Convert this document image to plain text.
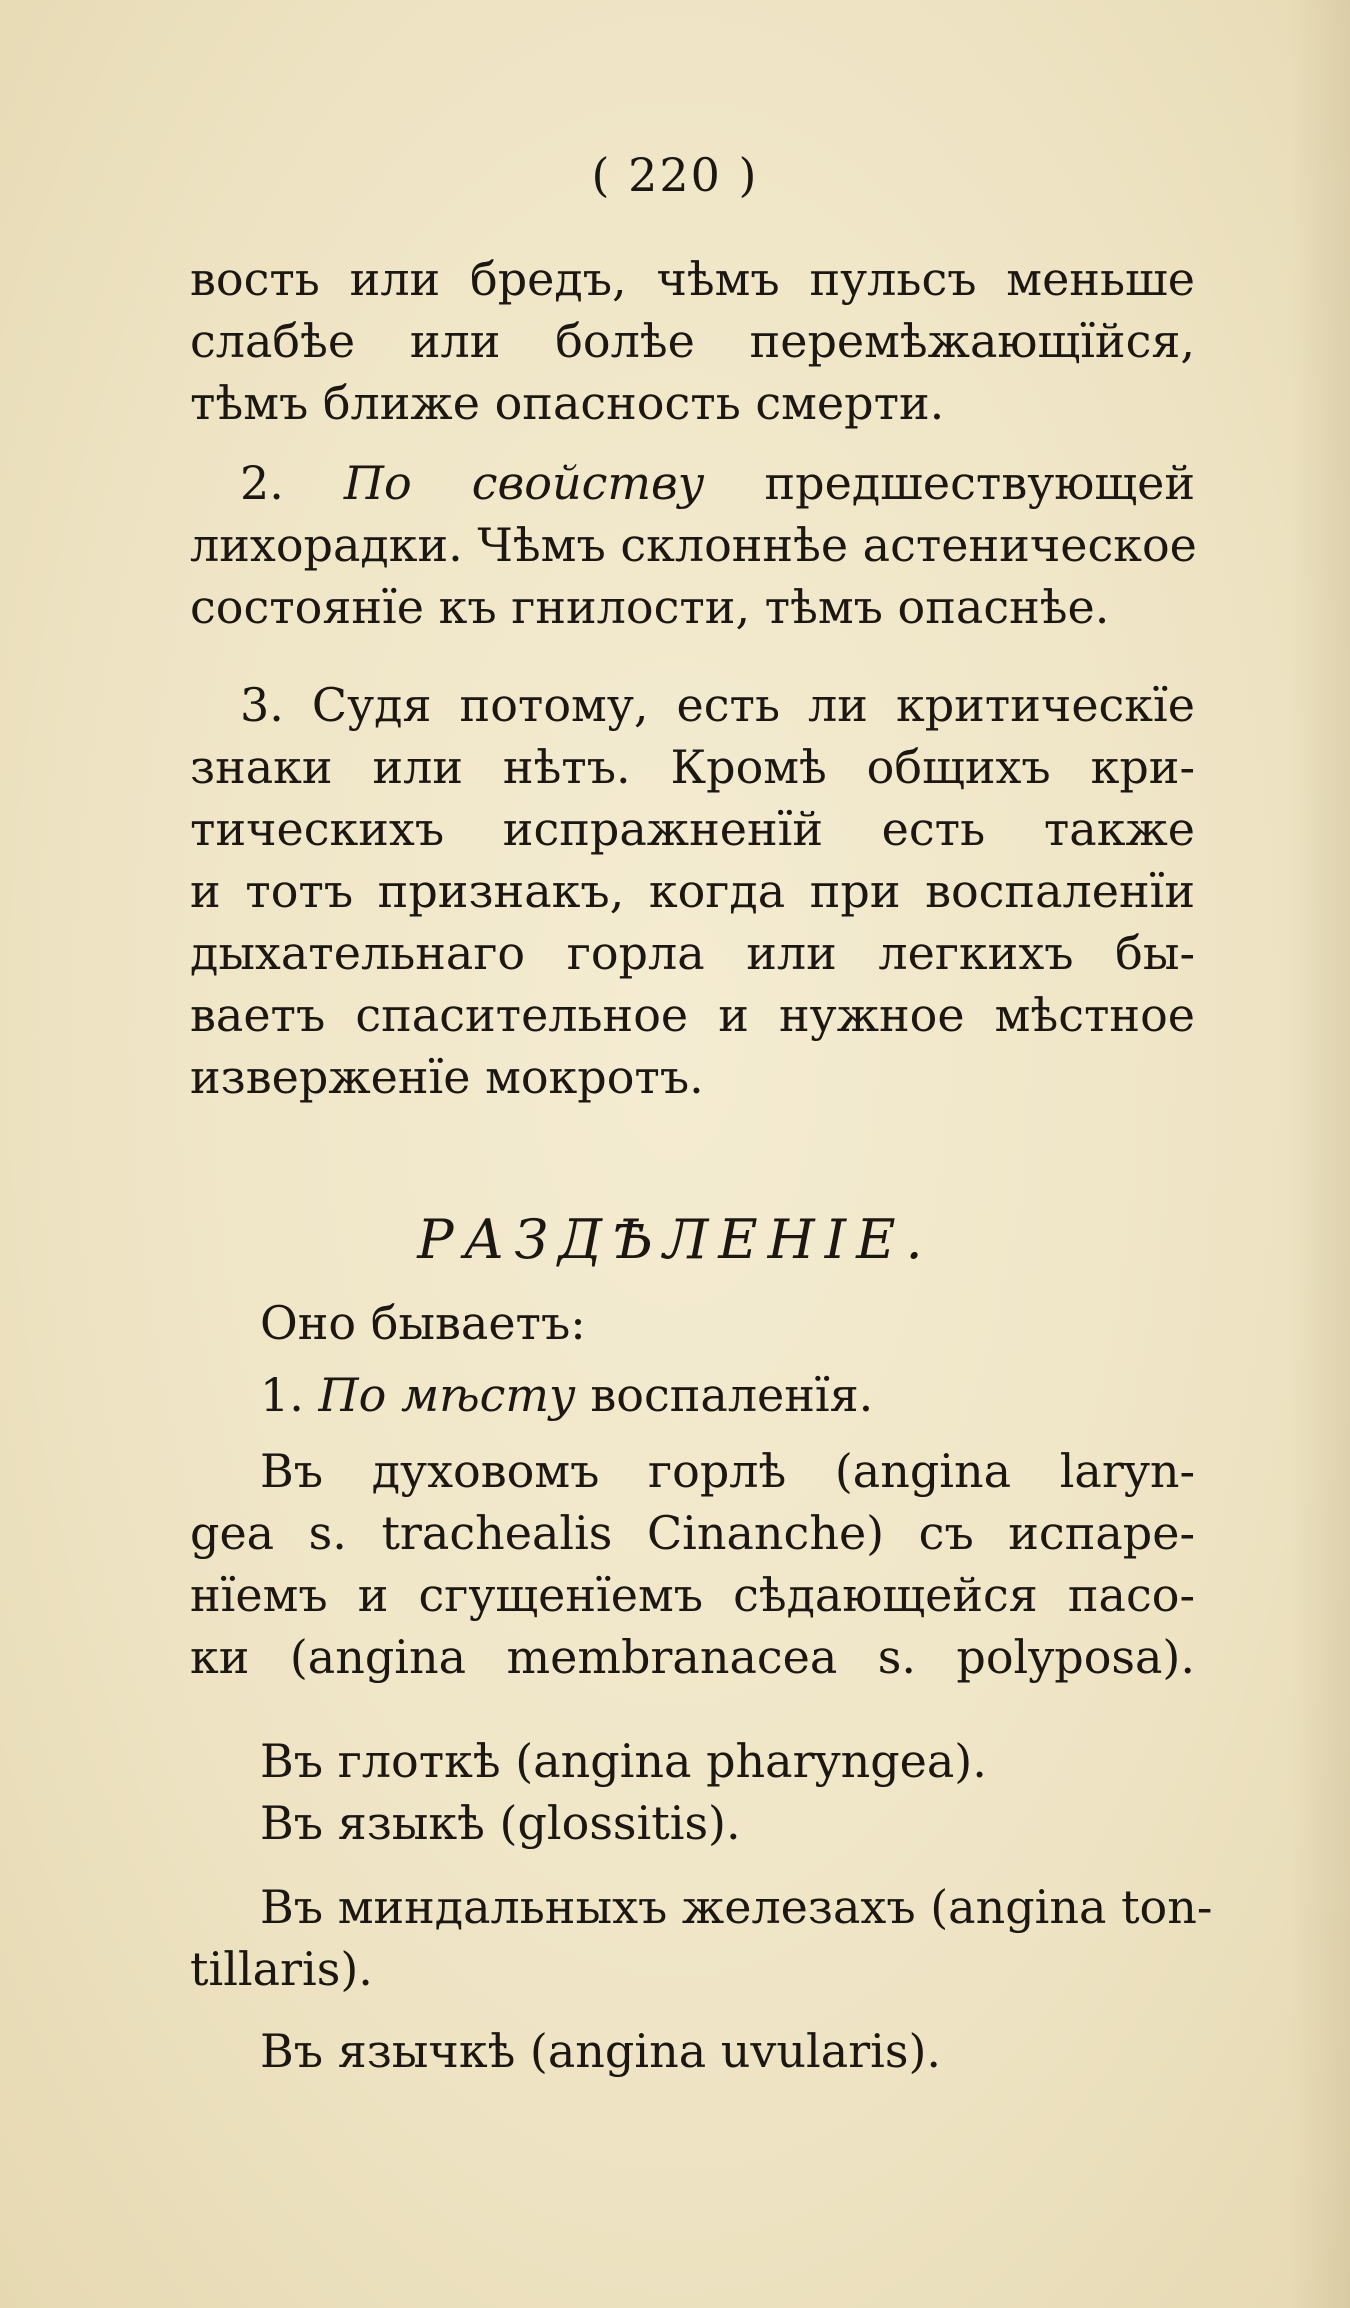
( 220 )
вость или бредъ, чѣмъ пульсъ меньше
слабѣе или болѣе перемѣжающїйся,
тѣмъ ближе опасность смерти.
2. По свойству предшествующей
лихорадки. Чѣмъ склоннѣе астеническое
состоянїе къ гнилости, тѣмъ опаснѣе.
3. Судя потому, есть ли критическїе
знаки или нѣтъ. Кромѣ общихъ кри-
тическихъ испражненїй есть также
и тотъ признакъ, когда при воспаленїи
дыхательнаго горла или легкихъ бы-
ваетъ спасительное и нужное мѣстное
изверженїе мокротъ.
РАЗДѢЛЕНIЕ.
Оно бываетъ:
1. По мѣсту воспаленїя.
Въ духовомъ горлѣ (angina laryn-
gea s. trachealis Cinanche) съ испаре-
нїемъ и сгущенїемъ сѣдающейся пасо-
ки (angina membranacea s. polyposa).
Въ глоткѣ (angina pharyngea).
Въ языкѣ (glossitis).
Въ миндальныхъ железахъ (angina ton-
tillaris).
Въ язычкѣ (angina uvularis).
